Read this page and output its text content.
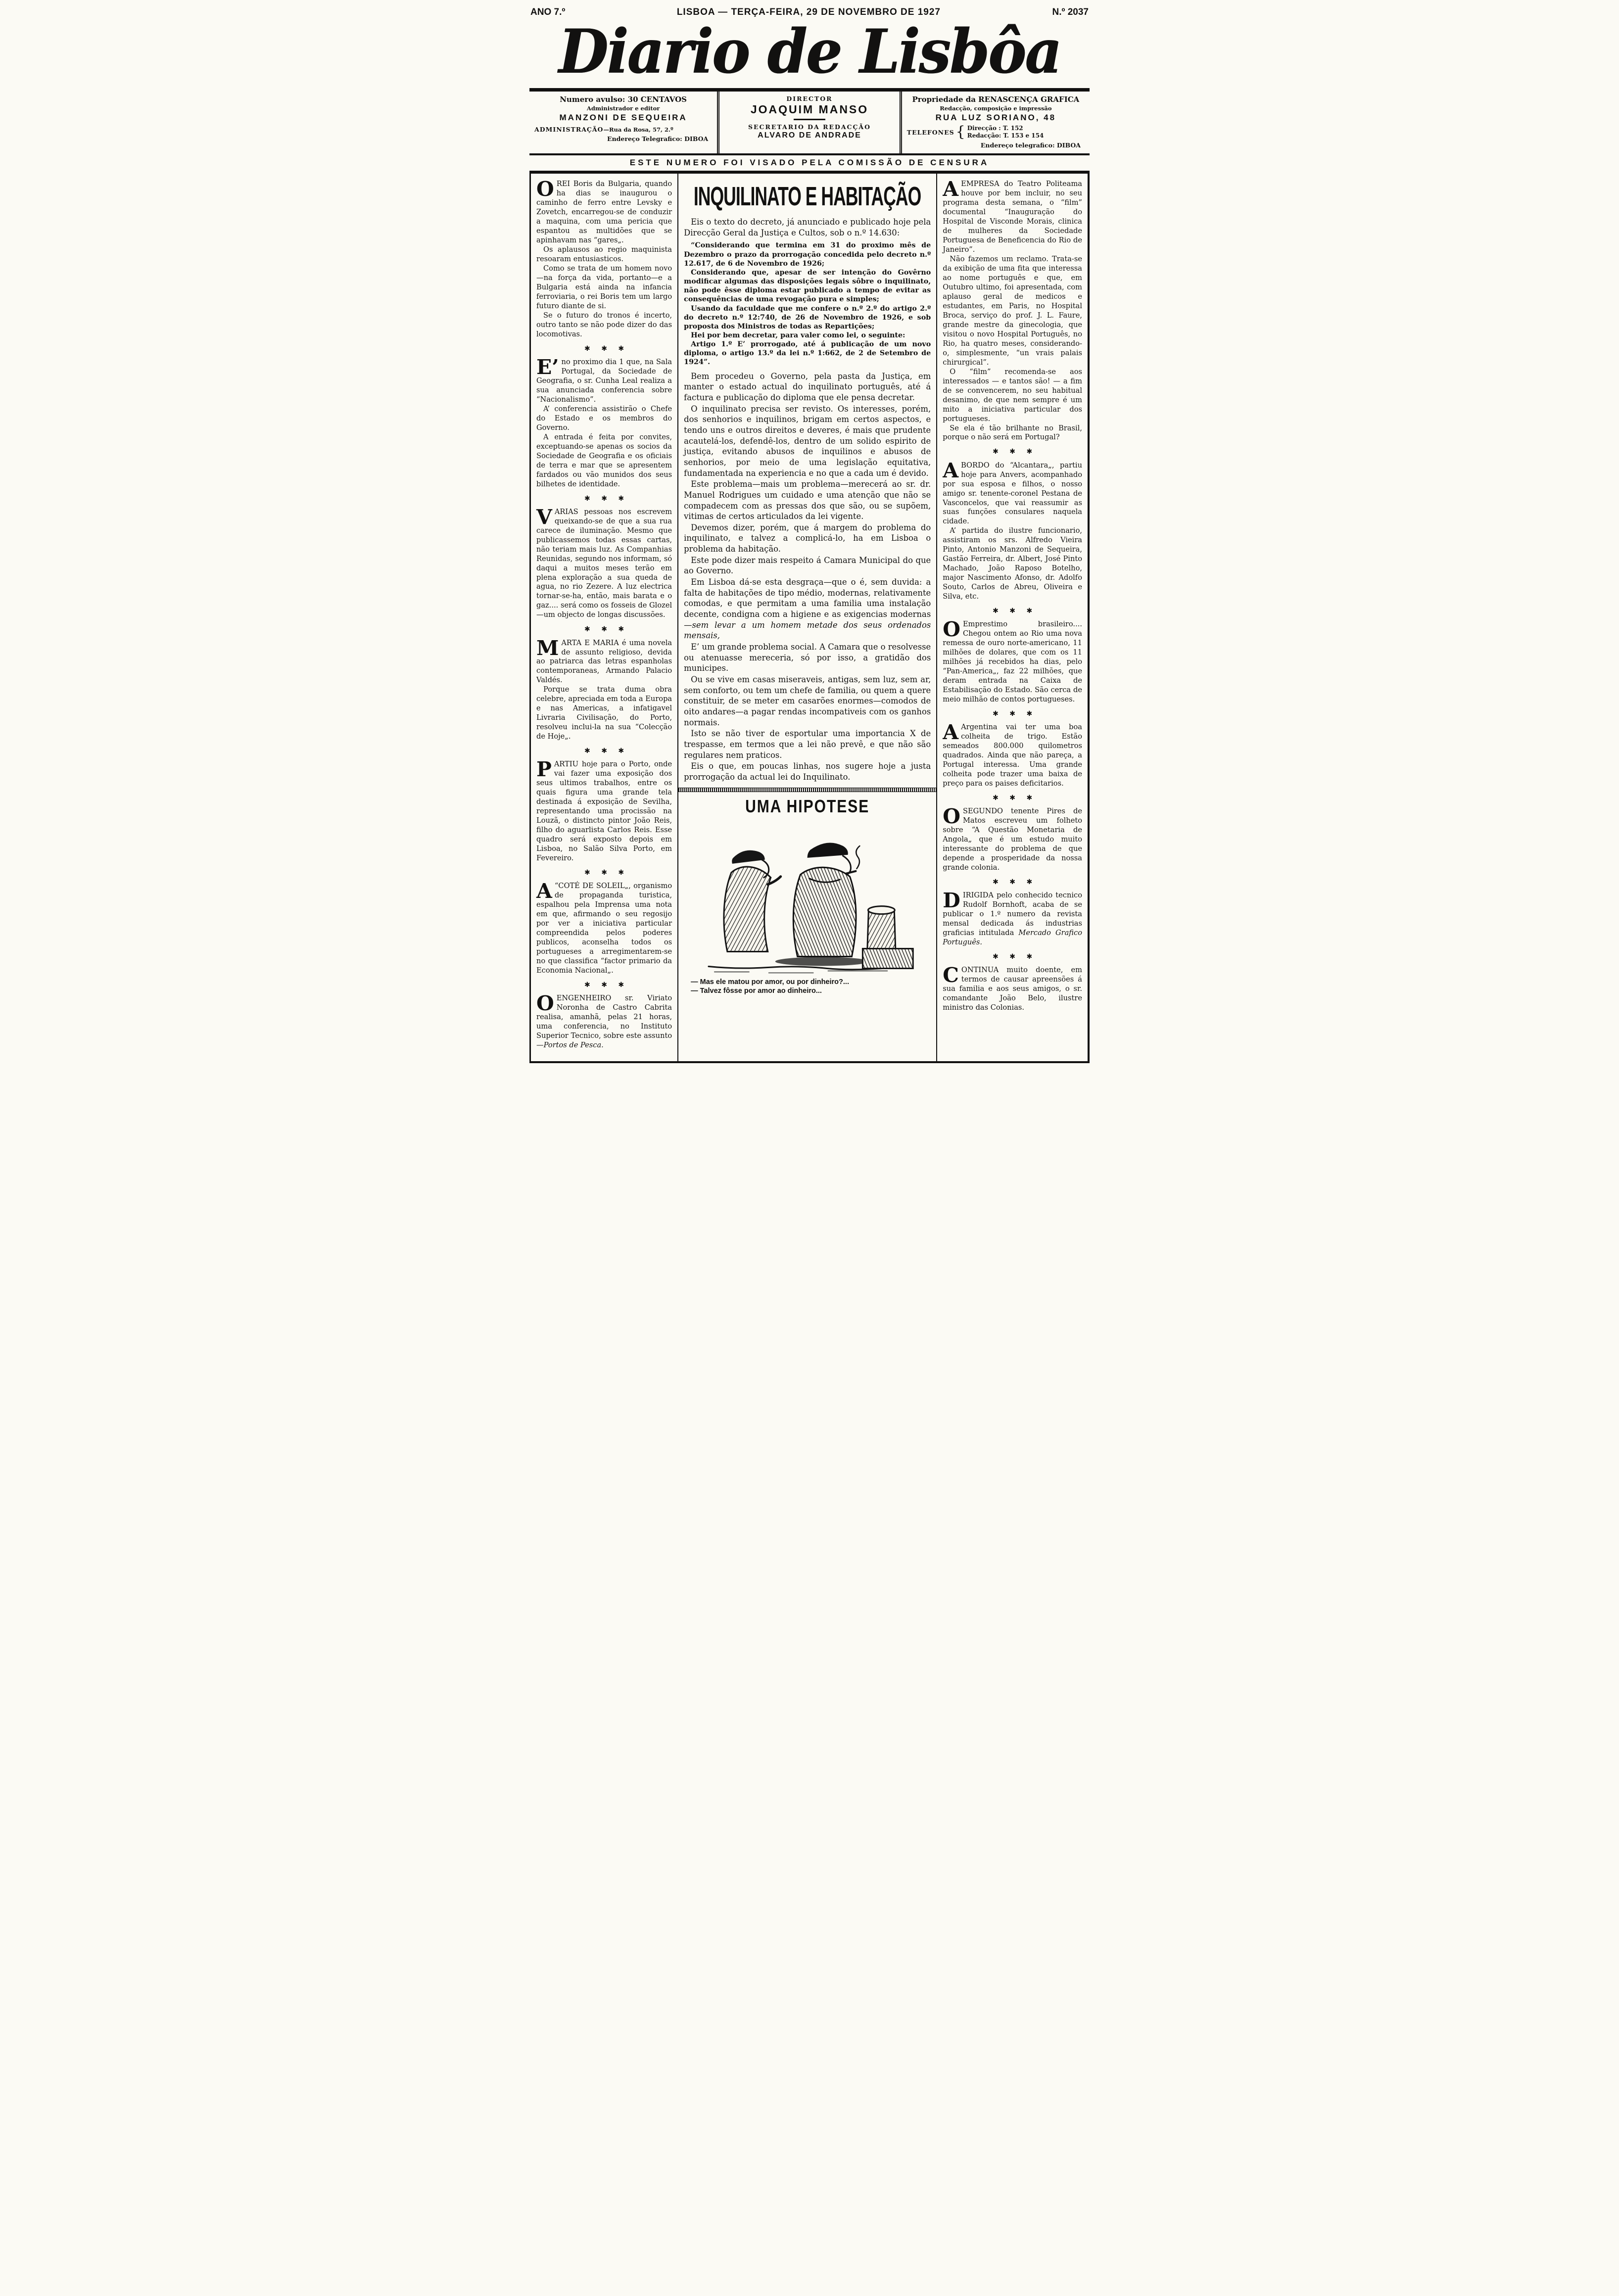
ANO 7.º	LISBOA — TERÇA-FEIRA, 29 DE NOVEMBRO DE 1927	N.º 2037
Diario de Lisbôa
Numero avulso: 30 CENTAVOS
Administrador e editor
MANZONI DE SEQUEIRA
ADMINISTRAÇÃO—Rua da Rosa, 57, 2.º
Endereço Telegrafico: DIBOA
DIRECTOR
JOAQUIM MANSO
SECRETARIO DA REDACÇÃO
ALVARO DE ANDRADE
Propriedade da RENASCENÇA GRAFICA
Redacção, composição e impressão
RUA LUZ SORIANO, 48
TELEFONES { Direcção : T. 152
Redacção: T. 153 e 154
Endereço telegrafico: DIBOA
ESTE NUMERO FOI VISADO PELA COMISSÃO DE CENSURA

OREI Boris da Bulgaria, quando ha dias se inaugurou o caminho de ferro entre Levsky e Zovetch, encarregou-se de conduzir a maquina, com uma pericia que espantou as multidões que se apinhavam nas “gares„.

Os aplausos ao regio maquinista resoaram entusiasticos.

Como se trata de um homem novo—na força da vida, portanto—e a Bulgaria está ainda na infancia ferroviaria, o rei Boris tem um largo futuro diante de si.

Se o futuro do tronos é incerto, outro tanto se não pode dizer do das locomotivas.

✱ ✱ ✱

E’ no proximo dia 1 que, na Sala Portugal, da Sociedade de Geografia, o sr. Cunha Leal realiza a sua anunciada conferencia sobre “Nacionalismo”.

A’ conferencia assistirão o Chefe do Estado e os membros do Governo.

A entrada é feita por convites, exceptuando-se apenas os socios da Sociedade de Geografia e os oficiais de terra e mar que se apresentem fardados ou vão munidos dos seus bilhetes de identidade.

✱ ✱ ✱

VARIAS pessoas nos escrevem queixando-se de que a sua rua carece de iluminação. Mesmo que publicassemos todas essas cartas, não teriam mais luz. As Companhias Reunidas, segundo nos informam, só daqui a muitos meses terão em plena exploração a sua queda de agua, no rio Zezere. A luz electrica tornar-se-ha, então, mais barata e o gaz.... será como os fosseis de Glozel—um objecto de longas discussões.

✱ ✱ ✱

MARTA E MARIA é uma novela de assunto religioso, devida ao patriarca das letras espanholas contemporaneas, Armando Palacio Valdés.

Porque se trata duma obra celebre, apreciada em toda a Europa e nas Americas, a infatigavel Livraria Civilisação, do Porto, resolveu inclui-la na sua “Colecção de Hoje„.

✱ ✱ ✱

PARTIU hoje para o Porto, onde vai fazer uma exposição dos seus ultimos trabalhos, entre os quais figura uma grande tela destinada á exposição de Sevilha, representando uma procissão na Louzã, o distincto pintor João Reis, filho do aguarlista Carlos Reis. Esse quadro será exposto depois em Lisboa, no Salão Silva Porto, em Fevereiro.

✱ ✱ ✱

A “COTÉ DE SOLEIL„, organismo de propaganda turistica, espalhou pela Imprensa uma nota em que, afirmando o seu regosijo por ver a iniciativa particular compreendida pelos poderes publicos, aconselha todos os portugueses a arregimentarem-se no que classifica “factor primario da Economia Nacional„.

✱ ✱ ✱

OENGENHEIRO sr. Viriato Noronha de Castro Cabrita realisa, amanhã, pelas 21 horas, uma conferencia, no Instituto Superior Tecnico, sobre este assunto—Portos de Pesca.

INQUILINATO E HABITAÇÃO

Eis o texto do decreto, já anunciado e publicado hoje pela Direcção Geral da Justiça e Cultos, sob o n.º 14.630:

“Considerando que termina em 31 do proximo mês de Dezembro o prazo da prorrogação concedida pelo decreto n.º 12.617, de 6 de Novembro de 1926;

Considerando que, apesar de ser intenção do Govêrno modificar algumas das disposições legais sôbre o inquilinato, não pode êsse diploma estar publicado a tempo de evitar as consequências de uma revogação pura e simples;

Usando da faculdade que me confere o n.º 2.º do artigo 2.º do decreto n.º 12:740, de 26 de Novembro de 1926, e sob proposta dos Ministros de todas as Repartições;

Hei por bem decretar, para valer como lei, o seguinte:

Artigo 1.º E’ prorrogado, até á publicação de um novo diploma, o artigo 13.º da lei n.º 1:662, de 2 de Setembro de 1924”.

Bem procedeu o Governo, pela pasta da Justiça, em manter o estado actual do inquilinato português, até á factura e publicação do diploma que ele pensa decretar.

O inquilinato precisa ser revisto. Os interesses, porém, dos senhorios e inquilinos, brigam em certos aspectos, e tendo uns e outros direitos e deveres, é mais que prudente acautelá-los, defendê-los, dentro de um solido espirito de justiça, evitando abusos de inquilinos e abusos de senhorios, por meio de uma legislação equitativa, fundamentada na experiencia e no que a cada um é devido.

Este problema—mais um problema—merecerá ao sr. dr. Manuel Rodrigues um cuidado e uma atenção que não se compadecem com as pressas dos que são, ou se supõem, vitimas de certos articulados da lei vigente.

Devemos dizer, porém, que á margem do problema do inquilinato, e talvez a complicá-lo, ha em Lisboa o problema da habitação.

Este pode dizer mais respeito á Camara Municipal do que ao Governo.

Em Lisboa dá-se esta desgraça—que o é, sem duvida: a falta de habitações de tipo médio, modernas, relativamente comodas, e que permitam a uma familia uma instalação decente, condigna com a higiene e as exigencias modernas—sem levar a um homem metade dos seus ordenados mensais,

E’ um grande problema social. A Camara que o resolvesse ou atenuasse mereceria, só por isso, a gratidão dos municipes.

Ou se vive em casas miseraveis, antigas, sem luz, sem ar, sem conforto, ou tem um chefe de familia, ou quem a quere constituir, de se meter em casarões enormes—comodos de oito andares—a pagar rendas incompativeis com os ganhos normais.

Isto se não tiver de esportular uma importancia X de trespasse, em termos que a lei não prevê, e que não são regulares nem praticos.

Eis o que, em poucas linhas, nos sugere hoje a justa prorrogação da actual lei do Inquilinato.

UMA HIPOTESE

— Mas ele matou por amor, ou por dinheiro?...

— Talvez fôsse por amor ao dinheiro...

AEMPRESA do Teatro Politeama houve por bem incluir, no seu programa desta semana, o “film” documental “Inauguração do Hospital de Visconde Morais, clinica de mulheres da Sociedade Portuguesa de Beneficencia do Rio de Janeiro”.

Não fazemos um reclamo. Trata-se da exibição de uma fita que interessa ao nome português e que, em Outubro ultimo, foi apresentada, com aplauso geral de medicos e estudantes, em Paris, no Hospital Broca, serviço do prof. J. L. Faure, grande mestre da ginecologia, que visitou o novo Hospital Português, no Rio, ha quatro meses, considerando-o, simplesmente, “un vrais palais chirurgical”.

O “film” recomenda-se aos interessados — e tantos são! — a fim de se convencerem, no seu habitual desanimo, de que nem sempre é um mito a iniciativa particular dos portugueses.

Se ela é tão brilhante no Brasil, porque o não será em Portugal?

✱ ✱ ✱

ABORDO do “Alcantara„, partiu hoje para Anvers, acompanhado por sua esposa e filhos, o nosso amigo sr. tenente-coronel Pestana de Vasconcelos, que vai reassumir as suas funções consulares naquela cidade.

A’ partida do ilustre funcionario, assistiram os srs. Alfredo Vieira Pinto, Antonio Manzoni de Sequeira, Gastão Ferreira, dr. Albert, José Pinto Machado, João Raposo Botelho, major Nascimento Afonso, dr. Adolfo Souto, Carlos de Abreu, Oliveira e Silva, etc.

✱ ✱ ✱

O Emprestimo brasileiro.... Chegou ontem ao Rio uma nova remessa de ouro norte-americano, 11 milhões de dolares, que com os 11 milhões já recebidos ha dias, pelo “Pan-America„, faz 22 milhões, que deram entrada na Caixa de Estabilisação do Estado. São cerca de meio milhão de contos portugueses.

✱ ✱ ✱

A Argentina vai ter uma boa colheita de trigo. Estão semeados 800.000 quilometros quadrados. Ainda que não pareça, a Portugal interessa. Uma grande colheita pode trazer uma baixa de preço para os paises deficitarios.

✱ ✱ ✱

OSEGUNDO tenente Pires de Matos escreveu um folheto sobre “A Questão Monetaria de Angola„ que é um estudo muito interessante do problema de que depende a prosperidade da nossa grande colonia.

✱ ✱ ✱

DIRIGIDA pelo conhecido tecnico Rudolf Bornhoft, acaba de se publicar o 1.º numero da revista mensal dedicada ás industrias graficias intitulada Mercado Grafico Português.

✱ ✱ ✱

CONTINUA muito doente, em termos de causar apreensões á sua familia e aos seus amigos, o sr. comandante João Belo, ilustre ministro das Colonias.
